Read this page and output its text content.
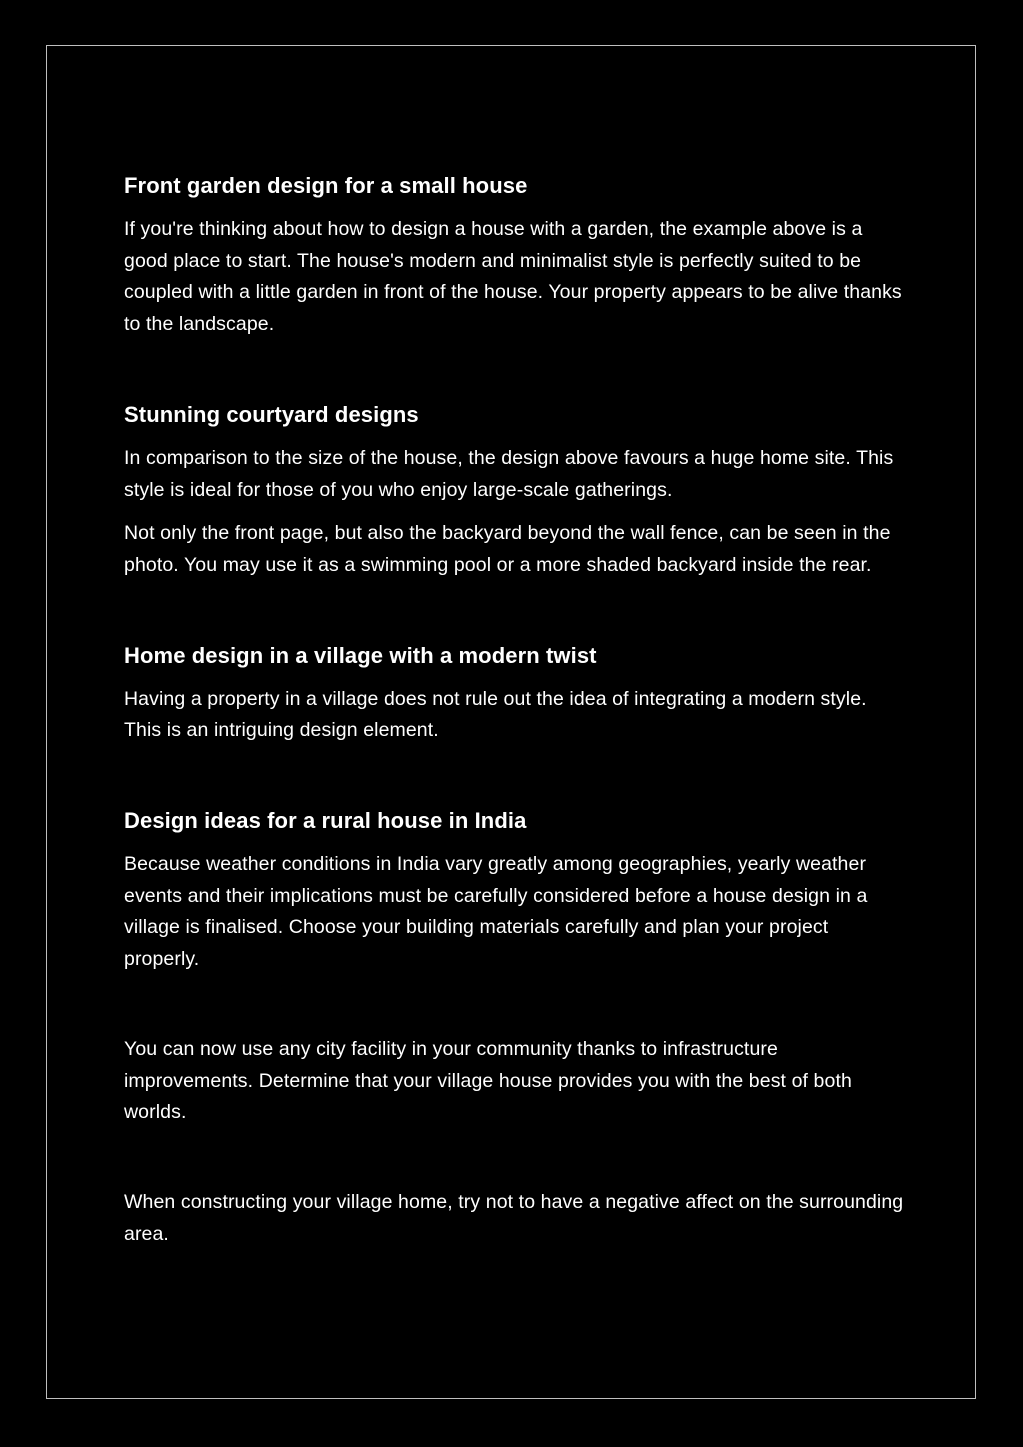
Front garden design for a small house

If you're thinking about how to design a house with a garden, the example above is a good place to start. The house's modern and minimalist style is perfectly suited to be coupled with a little garden in front of the house. Your property appears to be alive thanks to the landscape.

Stunning courtyard designs

In comparison to the size of the house, the design above favours a huge home site. This style is ideal for those of you who enjoy large-scale gatherings.

Not only the front page, but also the backyard beyond the wall fence, can be seen in the photo. You may use it as a swimming pool or a more shaded backyard inside the rear.

Home design in a village with a modern twist

Having a property in a village does not rule out the idea of integrating a modern style. This is an intriguing design element.

Design ideas for a rural house in India

Because weather conditions in India vary greatly among geographies, yearly weather events and their implications must be carefully considered before a house design in a village is finalised. Choose your building materials carefully and plan your project properly.

You can now use any city facility in your community thanks to infrastructure improvements. Determine that your village house provides you with the best of both worlds.

When constructing your village home, try not to have a negative affect on the surrounding area.
